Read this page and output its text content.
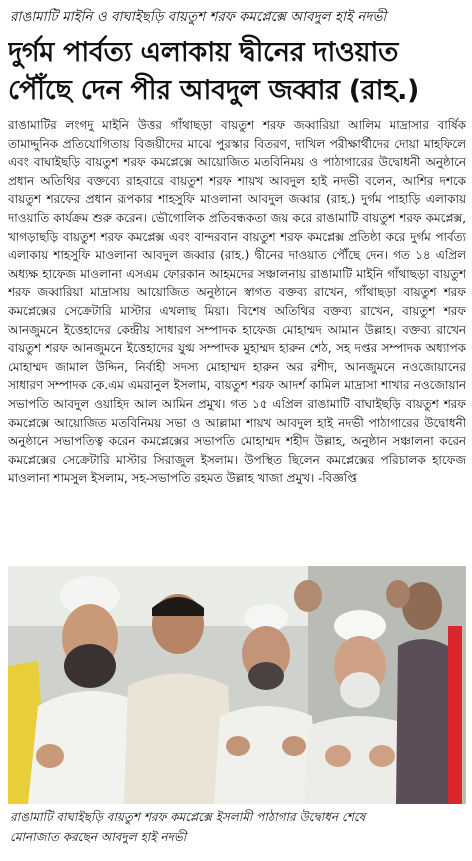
রাঙামাটি মাইনি ও বাঘাইছড়ি বায়তুশ শরফ কমপ্লেক্সে আবদুল হাই নদভী
দুর্গম পার্বত্য এলাকায় দ্বীনের দাওয়াত
পৌঁছে দেন পীর আবদুল জব্বার (রাহ.)
রাঙামাটির লংগদু মাইনি উত্তর গাঁথাছড়া বায়তুশ শরফ জব্বারিয়া আলিম মাদ্রাসার বার্ষিক তামাদ্দুনিক প্রতিযোগিতায় বিজয়ীদের মাঝে পুরস্কার বিতরণ, দাখিল পরীক্ষার্থীদের দোয়া মাহফিলে এবং বাঘাইছড়ি বায়তুশ শরফ কমপ্লেক্সে আয়োজিত মতবিনিময় ও পাঠাগারের উদ্বোধনী অনুষ্ঠানে প্রধান অতিথির বক্তব্যে রাহবারে বায়তুশ শরফ শায়খ আবদুল হাই নদভী বলেন, আশির দশকে বায়তুশ শরফের প্রধান রূপকার শাহসুফি মাওলানা আবদুল জব্বার (রাহ.) দুর্গম পাহাড়ি এলাকায় দাওয়াতি কার্যক্রম শুরু করেন। ভৌগোলিক প্রতিবন্ধকতা জয় করে রাঙামাটি বায়তুশ শরফ কমপ্লেক্স, খাগড়াছড়ি বায়তুশ শরফ কমপ্লেক্স এবং বান্দরবান বায়তুশ শরফ কমপ্লেক্স প্রতিষ্ঠা করে দুর্গম পার্বত্য এলাকায় শাহসুফি মাওলানা আবদুল জব্বার (রাহ.) দ্বীনের দাওয়াত পৌঁছে দেন। গত ১৪ এপ্রিল অধ্যক্ষ হাফেজ মাওলানা এসএম ফোরকান আহমদের সঞ্চালনায় রাঙামাটি মাইনি গাঁথাছড়া বায়তুশ শরফ জব্বারিয়া মাদ্রাসায় আয়োজিত অনুষ্ঠানে স্বাগত বক্তব্য রাখেন, গাঁথাছড়া বায়তুশ শরফ কমপ্লেক্সের সেক্রেটারি মাস্টার এখলাছ মিয়া। বিশেষ অতিথির বক্তব্য রাখেন, বায়তুশ শরফ আনজুমনে ইত্তেহাদের কেন্দ্রীয় সাধারণ সম্পাদক হাফেজ মোহাম্মদ আমান উল্লাহ। বক্তব্য রাখেন বায়তুশ শরফ আনজুমনে ইত্তেহাদের যুগ্ম সম্পাদক মুহাম্মদ হারুন শেঠ, সহ দপ্তর সম্পাদক অধ্যাপক মোহাম্মদ জামাল উদ্দিন, নির্বাহী সদস্য মোহাম্মদ হারুন অর রশীদ, আনজুমনে নওজোয়ানের সাধারণ সম্পাদক কে.এম এমরানুল ইসলাম, বায়তুশ শরফ আদর্শ কামিল মাদ্রাসা শাখার নওজোয়ান সভাপতি আবদুল ওয়াহিদ আল আমিন প্রমুখ। গত ১৫ এপ্রিল রাঙামাটি বাঘাইছড়ি বায়তুশ শরফ কমপ্লেক্সে আয়োজিত মতবিনিময় সভা ও আল্লামা শায়খ আবদুল হাই নদভী পাঠাগারের উদ্বোধনী অনুষ্ঠানে সভাপতিত্ব করেন কমপ্লেক্সের সভাপতি মোহাম্মদ শহীদ উল্লাহ, অনুষ্ঠান সঞ্চালনা করেন কমপ্লেক্সের সেক্রেটারি মাস্টার সিরাজুল ইসলাম। উপস্থিত ছিলেন কমপ্লেক্সের পরিচালক হাফেজ মাওলানা শামসুল ইসলাম, সহ-সভাপতি রহমত উল্লাহ খাজা প্রমুখ। -বিজ্ঞপ্তি
রাঙামাটি বাঘাইছড়ি বায়তুশ শরফ কমপ্লেক্সে ইসলামী পাঠাগার উদ্বোধন শেষে
মোনাজাত করছেন আবদুল হাই নদভী
